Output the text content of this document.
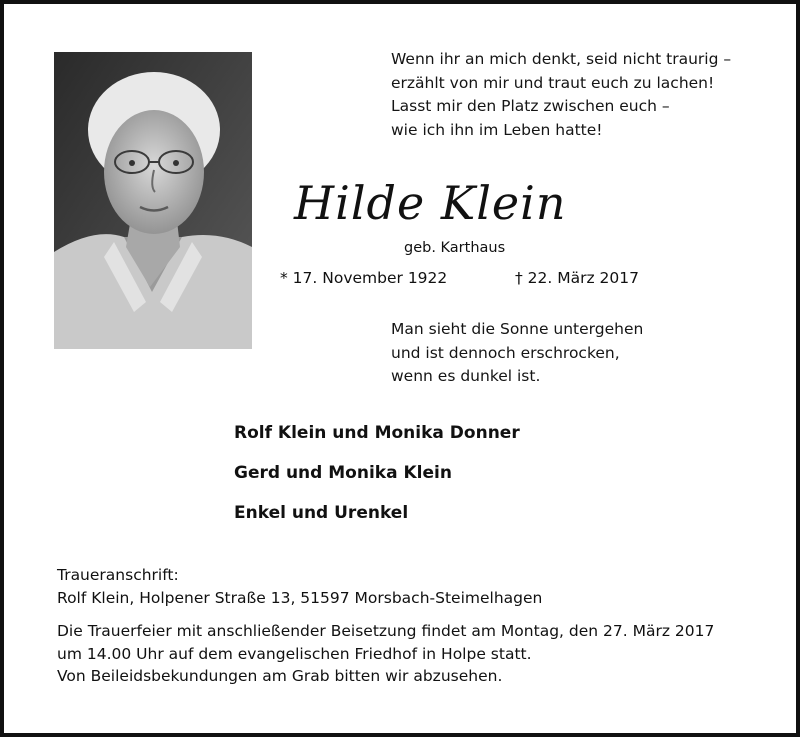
Wenn ihr an mich denkt, seid nicht traurig –
erzählt von mir und traut euch zu lachen!
Lasst mir den Platz zwischen euch –
wie ich ihn im Leben hatte!
Hilde Klein
geb. Karthaus
* 17. November 1922	† 22. März 2017
Man sieht die Sonne untergehen
und ist dennoch erschrocken,
wenn es dunkel ist.
Rolf Klein und Monika Donner
Gerd und Monika Klein
Enkel und Urenkel
Traueranschrift:
Rolf Klein, Holpener Straße 13, 51597 Morsbach-Steimelhagen
Die Trauerfeier mit anschließender Beisetzung findet am Montag, den 27. März 2017
um 14.00 Uhr auf dem evangelischen Friedhof in Holpe statt.
Von Beileidsbekundungen am Grab bitten wir abzusehen.
